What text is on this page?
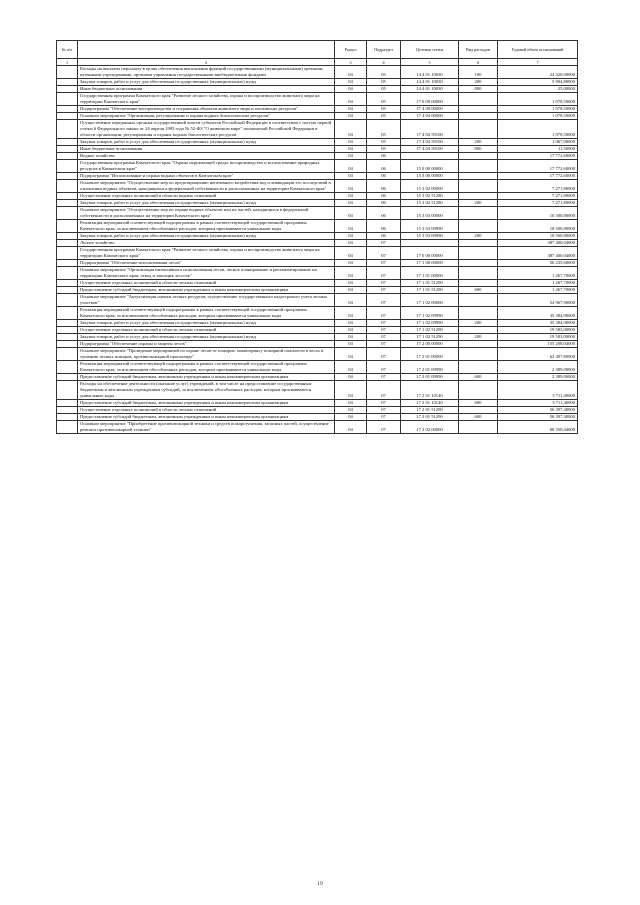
№ п/п		Раздел	Подраздел	Целевая статья	Вид расходов	Годовой объем ассигнований
1	2	3	4	5	6	7
	Расходы на выплаты персоналу в целях обеспечения выполнения функций государственными (муниципальными) органами, казенными учреждениями, органами управления государственными внебюджетными фондами	04	05	14 4 01 10030	100	24 320,00000
	Закупка товаров, работ и услуг для обеспечения государственных (муниципальных) нужд	04	05	14 4 01 10030	200	5 904,80000
	Иные бюджетные ассигнования	04	05	14 4 01 10030	800	25,00000
	Государственная программа Камчатского края "Развитие лесного хозяйства, охрана и воспроизводство животного мира на территории Камчатского края"	04	05	17 0 00 00000		1 078,50000
	Подпрограмма "Обеспечение воспроизводства и сохранения объектов животного мира и охотничьих ресурсов"	04	05	17 4 00 00000		1 078,50000
	Основное мероприятие "Организация, регулирование и охрана водных биологических ресурсов"	04	05	17 4 04 00000		1 078,50000
	Осуществление переданных органам государственной власти субъектов Российской Федерации в соответствии с частью первой статьи 6 Федерального закона от 24 апреля 1995 года № 52-ФЗ "О животном мире" полномочий Российской Федерации в области организации, регулирования и охраны водных биологических ресурсов	04	05	17 4 04 59100		1 078,50000
	Закупка товаров, работ и услуг для обеспечения государственных (муниципальных) нужд	04	05	17 4 04 59100	200	1 067,00000
	Иные бюджетные ассигнования	04	05	17 4 04 59100	800	11,50000
	Водное хозяйство	04	06			17 772,60000
	Государственная программа Камчатского края "Охрана окружающей среды, воспроизводство и использование природных ресурсов в Камчатском крае"	04	06	15 0 00 00000		17 772,60000
	Подпрограмма "Использование и охрана водных объектов в Камчатском крае"	04	06	15 3 00 00000		17 772,60000
	Основное мероприятие "Осуществление мер по предотвращению негативного воздействия вод и ликвидации его последствий в отношении водных объектов, находящихся в федеральной собственности и расположенных на территории Камчатского края"	04	06	15 3 02 00000		7 271,80000
	Осуществление отдельных полномочий в области водных отношений	04	06	15 3 02 51280		7 271,80000
	Закупка товаров, работ и услуг для обеспечения государственных (муниципальных) нужд	04	06	15 3 02 51280	200	7 271,80000
	Основное мероприятие "Осуществление мер по охране водных объектов или их частей, находящихся в федеральной собственности и расположенных на территории Камчатского края"	04	06	15 3 03 00000		10 500,80000
	Реализация мероприятий соответствующей подпрограммы в рамках соответствующей государственной программы Камчатского края, за исключением обособленных расходов, которым присваиваются уникальные коды	04	06	15 3 03 09990		10 500,80000
	Закупка товаров, работ и услуг для обеспечения государственных (муниципальных) нужд	04	06	15 3 03 09990	200	10 500,80000
	Лесное хозяйство	04	07			387 400,04000
	Государственная программа Камчатского края "Развитие лесного хозяйства, охрана и воспроизводство животного мира на территории Камчатского края"	04	07	17 0 00 00000		387 400,04000
	Подпрограмма "Обеспечение использования лесов"	04	07	17 1 00 00000		56 235,60000
	Основное мероприятие "Организация интенсивного использования лесов, лесное планирование и регламентирование на территории Камчатского края, отвод и таксация лесосек"	04	07	17 1 01 00000		1 267,70000
	Осуществление отдельных полномочий в области лесных отношений	04	07	17 1 01 51290		1 267,70000
	Предоставление субсидий бюджетным, автономным учреждениям и иным некоммерческим организациям	04	07	17 1 01 51290	600	1 267,70000
	Основное мероприятие "Актуализация оценки лесных ресурсов, осуществление государственного кадастрового учета лесных участков"	04	07	17 1 02 00000		54 967,90000
	Реализация мероприятий соответствующей подпрограммы в рамках соответствующей государственной программы Камчатского края, за исключением обособленных расходов, которым присваиваются уникальные коды	04	07	17 1 02 09990		35 384,90000
	Закупка товаров, работ и услуг для обеспечения государственных (муниципальных) нужд	04	07	17 1 02 09990	200	35 384,90000
	Осуществление отдельных полномочий в области лесных отношений	04	07	17 1 02 51290		19 583,00000
	Закупка товаров, работ и услуг для обеспечения государственных (муниципальных) нужд	04	07	17 1 02 51290	200	19 583,00000
	Подпрограмма "Обеспечение охраны и защиты лесов"	04	07	17 2 00 00000		155 208,04000
	Основное мероприятие "Проведение мероприятий по охране лесов от пожаров, мониторингу пожарной опасности в лесах и тушению лесных пожаров, противопожарной пропаганде"	04	07	17 2 01 00000		62 497,80000
	Реализация мероприятий соответствующей подпрограммы в рамках соответствующей государственной программы Камчатского края, за исключением обособленных расходов, которым присваиваются уникальные коды	04	07	17 2 01 09990		2 389,00000
	Предоставление субсидий бюджетным, автономным учреждениям и иным некоммерческим организациям	04	07	17 2 01 09990	600	2 389,00000
	Расходы на обеспечение деятельности (оказание услуг) учреждений, в том числе на предоставление государственным бюджетным и автономным учреждениям субсидий, за исключением обособленных расходов, которым присваиваются уникальные коды	04	07	17 2 01 10140		3 711,40000
	Предоставление субсидий бюджетным, автономным учреждениям и иным некоммерческим организациям	04	07	17 2 01 10140	600	3 711,40000
	Осуществление отдельных полномочий в области лесных отношений	04	07	17 2 01 51290		56 397,40000
	Предоставление субсидий бюджетным, автономным учреждениям и иным некоммерческим организациям	04	07	17 2 01 51290	600	56 397,40000
	Основное мероприятие "Приобретение противопожарной техники и средств пожаротушения, запасных частей, осуществление ремонта противопожарной техники"	04	07	17 2 02 00000		88 350,44000
19
